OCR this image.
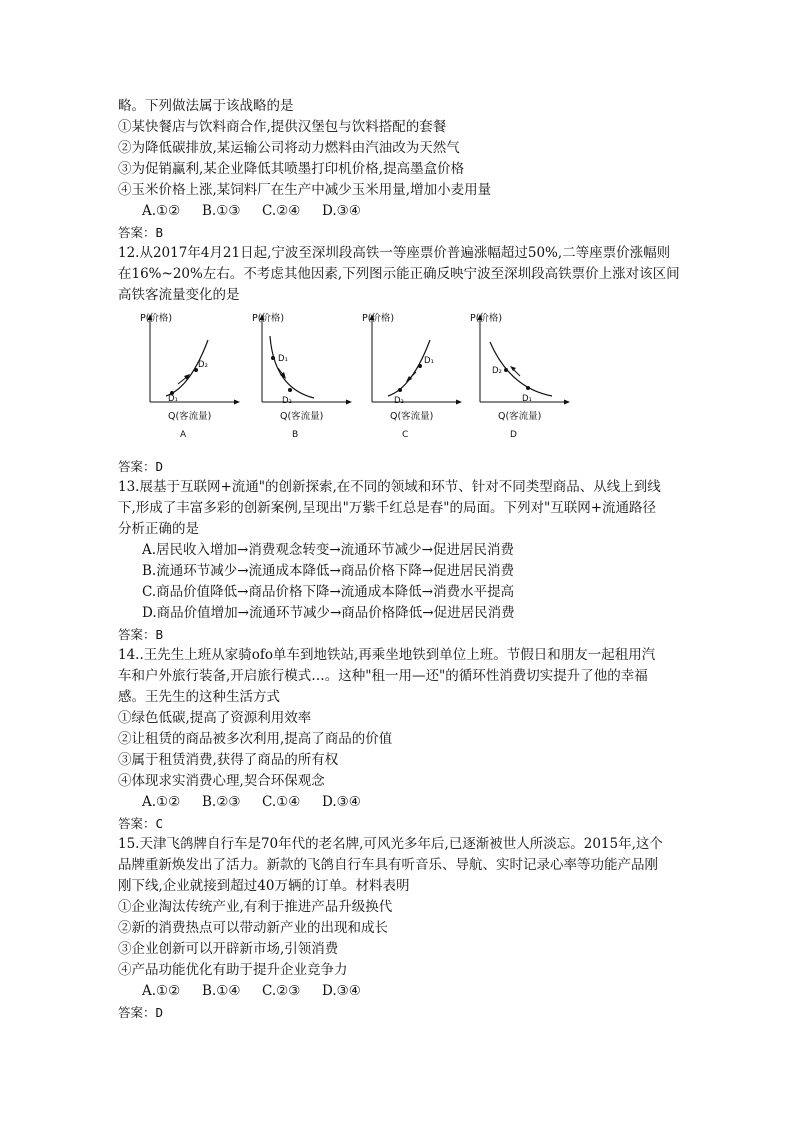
略。下列做法属于该战略的是
①某快餐店与饮料商合作,提供汉堡包与饮料搭配的套餐
②为降低碳排放,某运输公司将动力燃料由汽油改为天然气
③为促销赢利,某企业降低其喷墨打印机价格,提高墨盒价格
④玉米价格上涨,某饲料厂在生产中减少玉米用量,增加小麦用量
A.①② B.①③ C.②④ D.③④
答案：B
12.从2017年4月21日起,宁波至深圳段高铁一等座票价普遍涨幅超过50%,二等座票价涨幅则
在16%~20%左右。不考虑其他因素,下列图示能正确反映宁波至深圳段高铁票价上涨对该区间
高铁客流量变化的是
P(价格)
D₂
D₁
Q(客流量)
A
P(价格)
D₁
D₂
Q(客流量)
B
P(价格)
D₁
D₂
Q(客流量)
C
P(价格)
D₂
D₁
Q(客流量)
D
答案：D
13.展基于互联网+流通"的创新探索,在不同的领域和环节、针对不同类型商品、从线上到线
下,形成了丰富多彩的创新案例,呈现出"万紫千红总是春"的局面。下列对"互联网+流通路径
分析正确的是
A.居民收入增加→消费观念转变→流通环节减少→促进居民消费
B.流通环节减少→流通成本降低→商品价格下降→促进居民消费
C.商品价值降低→商品价格下降→流通成本降低→消费水平提高
D.商品价值增加→流通环节减少→商品价格降低→促进居民消费
答案：B
14..王先生上班从家骑ofo单车到地铁站,再乘坐地铁到单位上班。节假日和朋友一起租用汽
车和户外旅行装备,开启旅行模式…。这种"租一用—还"的循环性消费切实提升了他的幸福
感。王先生的这种生活方式
①绿色低碳,提高了资源利用效率
②让租赁的商品被多次利用,提高了商品的价值
③属于租赁消费,获得了商品的所有权
④体现求实消费心理,契合环保观念
A.①② B.②③ C.①④ D.③④
答案：C
15.天津飞鸽牌自行车是70年代的老名牌,可风光多年后,已逐渐被世人所淡忘。2015年,这个
品牌重新焕发出了活力。新款的飞鸽自行车具有听音乐、导航、实时记录心率等功能产品刚
刚下线,企业就接到超过40万辆的订单。材料表明
①企业淘汰传统产业,有利于推进产品升级换代
②新的消费热点可以带动新产业的出现和成长
③企业创新可以开辟新市场,引领消费
④产品功能优化有助于提升企业竞争力
A.①② B.①④ C.②③ D.③④
答案：D
